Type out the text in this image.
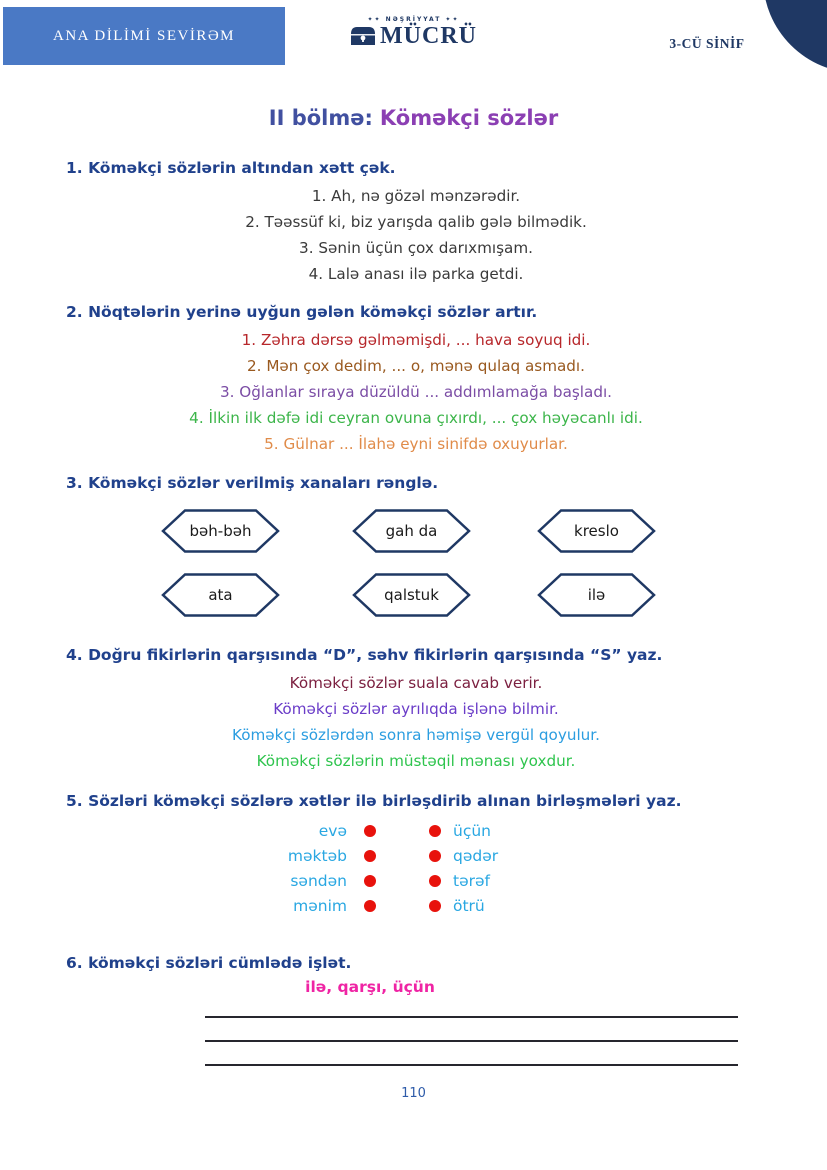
ANA DİLİMİ SEVİRƏM
✦✦ NƏŞRİYYAT ✦✦
MÜCRÜ	3-CÜ SİNİF
II bölmə: Köməkçi sözlər
1. Köməkçi sözlərin altından xətt çək.
1. Ah, nə gözəl mənzərədir.
2. Təəssüf ki, biz yarışda qalib gələ bilmədik.
3. Sənin üçün çox darıxmışam.
4. Lalə anası ilə parka getdi.
2. Nöqtələrin yerinə uyğun gələn köməkçi sözlər artır.
1. Zəhra dərsə gəlməmişdi, ... hava soyuq idi.
2. Mən çox dedim, ... o, mənə qulaq asmadı.
3. Oğlanlar sıraya düzüldü ... addımlamağa başladı.
4. İlkin ilk dəfə idi ceyran ovuna çıxırdı, ... çox həyəcanlı idi.
5. Gülnar ... İlahə eyni sinifdə oxuyurlar.
3. Köməkçi sözlər verilmiş xanaları rənglə.
bəh-bəh	gah da	kreslo
ata	qalstuk	ilə
4. Doğru fikirlərin qarşısında “D”, səhv fikirlərin qarşısında “S” yaz.
Köməkçi sözlər suala cavab verir.
Köməkçi sözlər ayrılıqda işlənə bilmir.
Köməkçi sözlərdən sonra həmişə vergül qoyulur.
Köməkçi sözlərin müstəqil mənası yoxdur.
5. Sözləri köməkçi sözlərə xətlər ilə birləşdirib alınan birləşmələri yaz.
evə	üçün
məktəb	qədər
səndən	tərəf
mənim	ötrü
6. köməkçi sözləri cümlədə işlət.
ilə, qarşı, üçün
110
